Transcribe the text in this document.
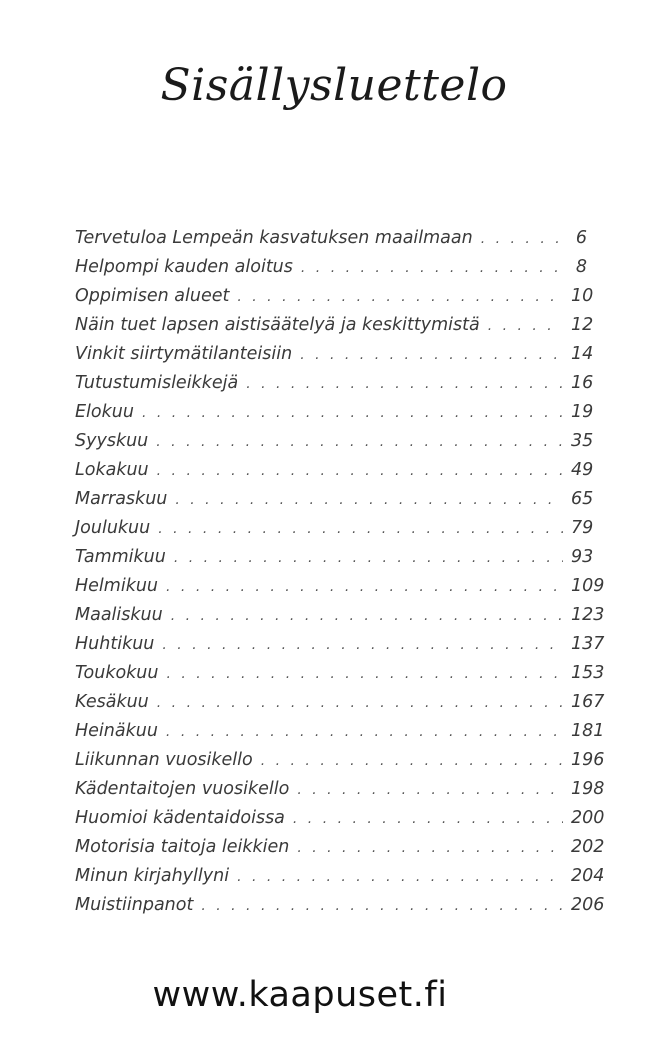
Sisällysluettelo
Tervetuloa Lempeän kasvatuksen maailmaan . . .	6
Helpompi kauden aloitus . . .	8
Oppimisen alueet . . .	10
Näin tuet lapsen aistisäätelyä ja keskittymistä . . .	12
Vinkit siirtymätilanteisiin . . .	14
Tutustumisleikkejä . . .	16
Elokuu . . .	19
Syyskuu . . .	35
Lokakuu . . .	49
Marraskuu . . .	65
Joulukuu . . .	79
Tammikuu . . .	93
Helmikuu . . .	109
Maaliskuu . . .	123
Huhtikuu . . .	137
Toukokuu . . .	153
Kesäkuu . . .	167
Heinäkuu . . .	181
Liikunnan vuosikello . . .	196
Kädentaitojen vuosikello . . .	198
Huomioi kädentaidoissa . . .	200
Motorisia taitoja leikkien . . .	202
Minun kirjahyllyni . . .	204
Muistiinpanot . . .	206
www.kaapuset.fi
